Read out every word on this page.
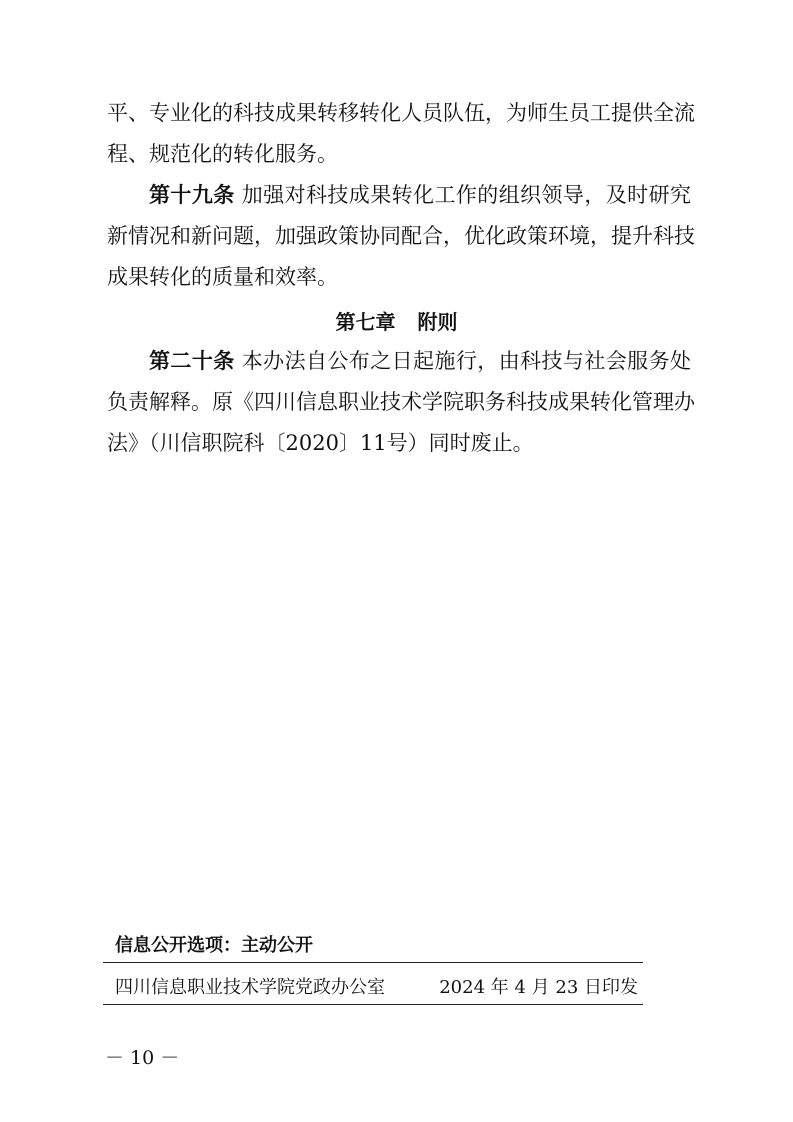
平、专业化的科技成果转移转化人员队伍，为师生员工提供全流
程、规范化的转化服务。
第十九条 加强对科技成果转化工作的组织领导，及时研究
新情况和新问题，加强政策协同配合，优化政策环境，提升科技
成果转化的质量和效率。
第七章 附则
第二十条 本办法自公布之日起施行，由科技与社会服务处
负责解释。原《四川信息职业技术学院职务科技成果转化管理办
法》（川信职院科〔2020〕11号）同时废止。
信息公开选项：主动公开
四川信息职业技术学院党政办公室	2024 年 4 月 23 日印发
－ 10 －
